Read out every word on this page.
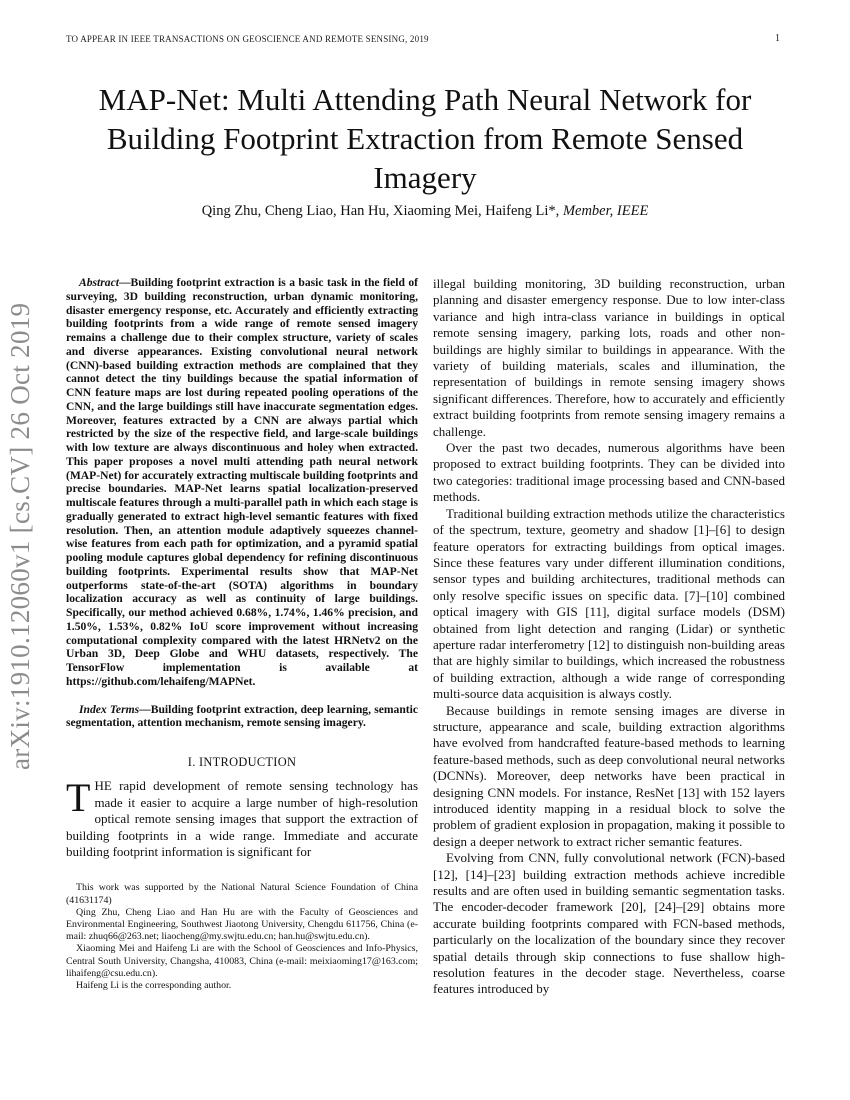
TO APPEAR IN IEEE TRANSACTIONS ON GEOSCIENCE AND REMOTE SENSING, 2019	1
arXiv:1910.12060v1 [cs.CV] 26 Oct 2019
MAP-Net: Multi Attending Path Neural Network for Building Footprint Extraction from Remote Sensed Imagery
Qing Zhu, Cheng Liao, Han Hu, Xiaoming Mei, Haifeng Li*, Member, IEEE

Abstract—Building footprint extraction is a basic task in the field of surveying, 3D building reconstruction, urban dynamic monitoring, disaster emergency response, etc. Accurately and efficiently extracting building footprints from a wide range of remote sensed imagery remains a challenge due to their complex structure, variety of scales and diverse appearances. Existing convolutional neural network (CNN)-based building extraction methods are complained that they cannot detect the tiny buildings because the spatial information of CNN feature maps are lost during repeated pooling operations of the CNN, and the large buildings still have inaccurate segmentation edges. Moreover, features extracted by a CNN are always partial which restricted by the size of the respective field, and large-scale buildings with low texture are always discontinuous and holey when extracted. This paper proposes a novel multi attending path neural network (MAP-Net) for accurately extracting multiscale building footprints and precise boundaries. MAP-Net learns spatial localization-preserved multiscale features through a multi-parallel path in which each stage is gradually generated to extract high-level semantic features with fixed resolution. Then, an attention module adaptively squeezes channel-wise features from each path for optimization, and a pyramid spatial pooling module captures global dependency for refining discontinuous building footprints. Experimental results show that MAP-Net outperforms state-of-the-art (SOTA) algorithms in boundary localization accuracy as well as continuity of large buildings. Specifically, our method achieved 0.68%, 1.74%, 1.46% precision, and 1.50%, 1.53%, 0.82% IoU score improvement without increasing computational complexity compared with the latest HRNetv2 on the Urban 3D, Deep Globe and WHU datasets, respectively. The TensorFlow implementation is available at https://github.com/lehaifeng/MAPNet.

Index Terms—Building footprint extraction, deep learning, semantic segmentation, attention mechanism, remote sensing imagery.

I. INTRODUCTION

THE rapid development of remote sensing technology has made it easier to acquire a large number of high-resolution optical remote sensing images that support the extraction of building footprints in a wide range. Immediate and accurate building footprint information is significant for

This work was supported by the National Natural Science Foundation of China (41631174)

Qing Zhu, Cheng Liao and Han Hu are with the Faculty of Geosciences and Environmental Engineering, Southwest Jiaotong University, Chengdu 611756, China (e-mail: zhuq66@263.net; liaocheng@my.swjtu.edu.cn; han.hu@swjtu.edu.cn).

Xiaoming Mei and Haifeng Li are with the School of Geosciences and Info-Physics, Central South University, Changsha, 410083, China (e-mail: meixiaoming17@163.com; lihaifeng@csu.edu.cn).

Haifeng Li is the corresponding author.

illegal building monitoring, 3D building reconstruction, urban planning and disaster emergency response. Due to low inter-class variance and high intra-class variance in buildings in optical remote sensing imagery, parking lots, roads and other non-buildings are highly similar to buildings in appearance. With the variety of building materials, scales and illumination, the representation of buildings in remote sensing imagery shows significant differences. Therefore, how to accurately and efficiently extract building footprints from remote sensing imagery remains a challenge.

Over the past two decades, numerous algorithms have been proposed to extract building footprints. They can be divided into two categories: traditional image processing based and CNN-based methods.

Traditional building extraction methods utilize the characteristics of the spectrum, texture, geometry and shadow [1]–[6] to design feature operators for extracting buildings from optical images. Since these features vary under different illumination conditions, sensor types and building architectures, traditional methods can only resolve specific issues on specific data. [7]–[10] combined optical imagery with GIS [11], digital surface models (DSM) obtained from light detection and ranging (Lidar) or synthetic aperture radar interferometry [12] to distinguish non-building areas that are highly similar to buildings, which increased the robustness of building extraction, although a wide range of corresponding multi-source data acquisition is always costly.

Because buildings in remote sensing images are diverse in structure, appearance and scale, building extraction algorithms have evolved from handcrafted feature-based methods to learning feature-based methods, such as deep convolutional neural networks (DCNNs). Moreover, deep networks have been practical in designing CNN models. For instance, ResNet [13] with 152 layers introduced identity mapping in a residual block to solve the problem of gradient explosion in propagation, making it possible to design a deeper network to extract richer semantic features.

Evolving from CNN, fully convolutional network (FCN)-based [12], [14]–[23] building extraction methods achieve incredible results and are often used in building semantic segmentation tasks. The encoder-decoder framework [20], [24]–[29] obtains more accurate building footprints compared with FCN-based methods, particularly on the localization of the boundary since they recover spatial details through skip connections to fuse shallow high-resolution features in the decoder stage. Nevertheless, coarse features introduced by
